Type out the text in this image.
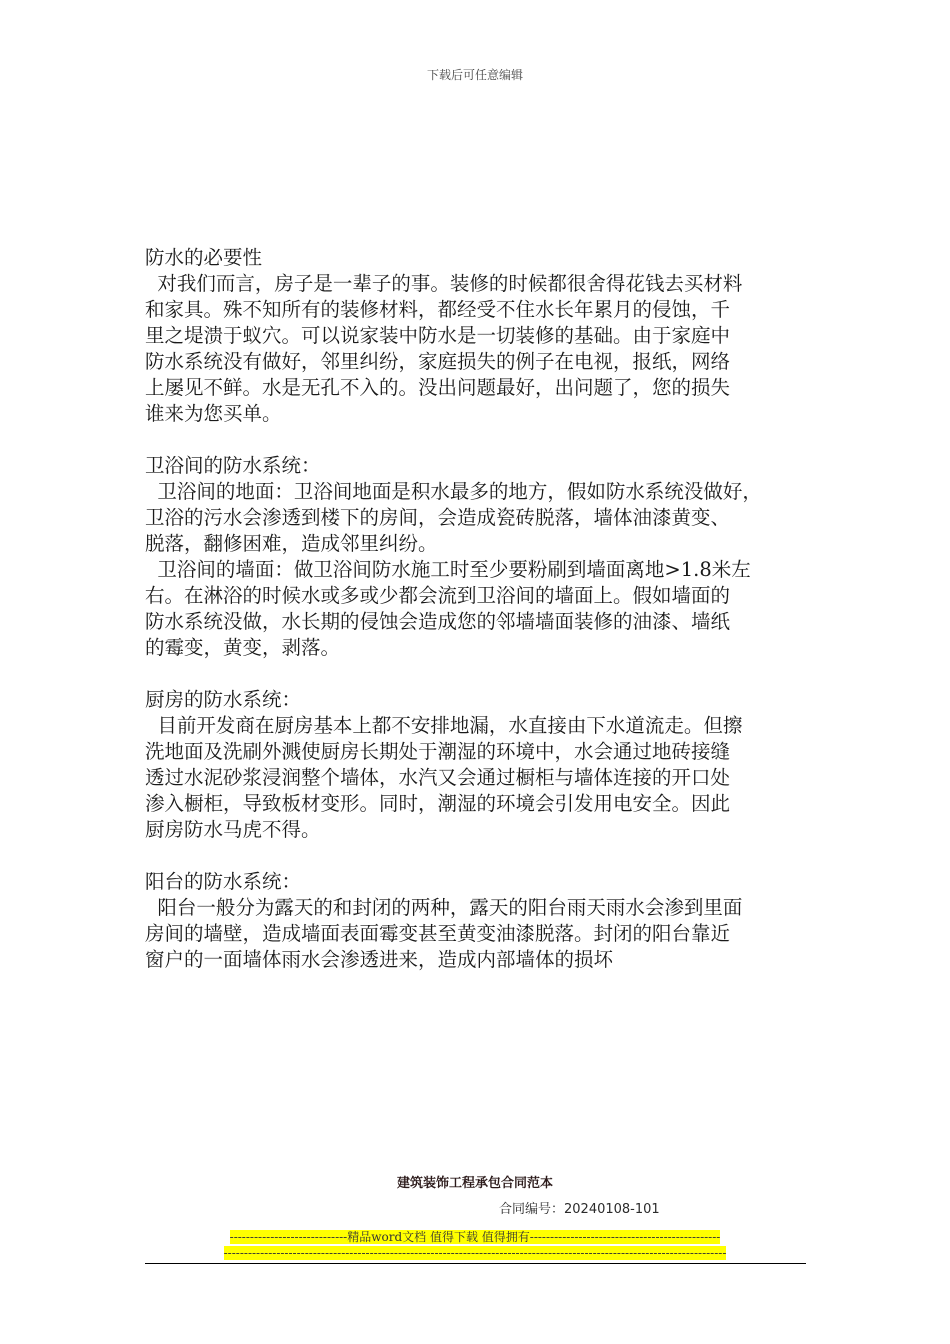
下载后可任意编辑

防水的必要性

对我们而言，房子是一辈子的事。装修的时候都很舍得花钱去买材料

和家具。殊不知所有的装修材料，都经受不住水长年累月的侵蚀，千

里之堤溃于蚁穴。可以说家装中防水是一切装修的基础。由于家庭中

防水系统没有做好，邻里纠纷，家庭损失的例子在电视，报纸，网络

上屡见不鲜。水是无孔不入的。没出问题最好，出问题了，您的损失

谁来为您买单。

卫浴间的防水系统：

卫浴间的地面：卫浴间地面是积水最多的地方，假如防水系统没做好，

卫浴的污水会渗透到楼下的房间，会造成瓷砖脱落，墙体油漆黄变、

脱落，翻修困难，造成邻里纠纷。

卫浴间的墙面：做卫浴间防水施工时至少要粉刷到墙面离地>1.8米左

右。在淋浴的时候水或多或少都会流到卫浴间的墙面上。假如墙面的

防水系统没做，水长期的侵蚀会造成您的邻墙墙面装修的油漆、墙纸

的霉变，黄变，剥落。

厨房的防水系统：

目前开发商在厨房基本上都不安排地漏，水直接由下水道流走。但擦

洗地面及洗刷外溅使厨房长期处于潮湿的环境中，水会通过地砖接缝

透过水泥砂浆浸润整个墙体，水汽又会通过橱柜与墙体连接的开口处

渗入橱柜，导致板材变形。同时，潮湿的环境会引发用电安全。因此

厨房防水马虎不得。

阳台的防水系统：

阳台一般分为露天的和封闭的两种，露天的阳台雨天雨水会渗到里面

房间的墙壁，造成墙面表面霉变甚至黄变油漆脱落。封闭的阳台靠近

窗户的一面墙体雨水会渗透进来，造成内部墙体的损坏

建筑装饰工程承包合同范本
合同编号：20240108-101
-----------------------------精品word文档 值得下载 值得拥有-----------------------------------------------
----------------------------------------------------------------------------------------------------------------------------
